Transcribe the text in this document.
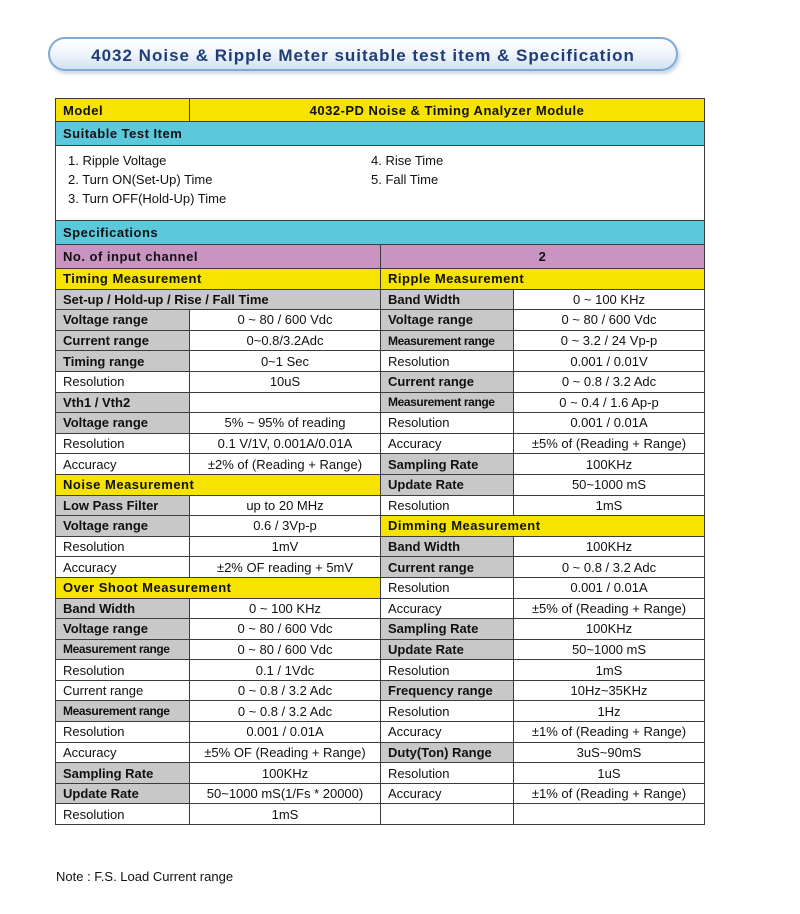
4032 Noise & Ripple Meter suitable test item & Specification
Model	4032-PD Noise & Timing Analyzer Module		
Suitable Test Item			

1. Ripple Voltage
2. Turn ON(Set-Up) Time
3. Turn OFF(Hold-Up) Time
4. Rise Time
5. Fall Time			

Specifications			
No. of input channel		2	
Timing Measurement		Ripple Measurement	
Set-up / Hold-up / Rise / Fall Time		Band Width	0 ~ 100 KHz
Voltage range	0 ~ 80 / 600 Vdc	Voltage range	0 ~ 80 / 600 Vdc
Current range	0~0.8/3.2Adc	Measurement range	0 ~ 3.2 / 24 Vp-p
Timing range	0~1 Sec	Resolution	0.001 / 0.01V
Resolution	10uS	Current range	0 ~ 0.8 / 3.2 Adc
Vth1 / Vth2		Measurement range	0 ~ 0.4 / 1.6 Ap-p
Voltage range	5% ~ 95% of reading	Resolution	0.001 / 0.01A
Resolution	0.1 V/1V, 0.001A/0.01A	Accuracy	±5% of (Reading + Range)
Accuracy	±2% of (Reading + Range)	Sampling Rate	100KHz
Noise Measurement		Update Rate	50~1000 mS
Low Pass Filter	up to 20 MHz	Resolution	1mS
Voltage range	0.6 / 3Vp-p	Dimming Measurement	
Resolution	1mV	Band Width	100KHz
Accuracy	±2% OF reading + 5mV	Current range	0 ~ 0.8 / 3.2 Adc
Over Shoot Measurement		Resolution	0.001 / 0.01A
Band Width	0 ~ 100 KHz	Accuracy	±5% of (Reading + Range)
Voltage range	0 ~ 80 / 600 Vdc	Sampling Rate	100KHz
Measurement range	0 ~ 80 / 600 Vdc	Update Rate	50~1000 mS
Resolution	0.1 / 1Vdc	Resolution	1mS
Current range	0 ~ 0.8 / 3.2 Adc	Frequency range	10Hz~35KHz
Measurement range	0 ~ 0.8 / 3.2 Adc	Resolution	1Hz
Resolution	0.001 / 0.01A	Accuracy	±1% of (Reading + Range)
Accuracy	±5% OF (Reading + Range)	Duty(Ton) Range	3uS~90mS
Sampling Rate	100KHz	Resolution	1uS
Update Rate	50~1000 mS(1/Fs * 20000)	Accuracy	±1% of (Reading + Range)
Resolution	1mS		
Note : F.S. Load Current range
